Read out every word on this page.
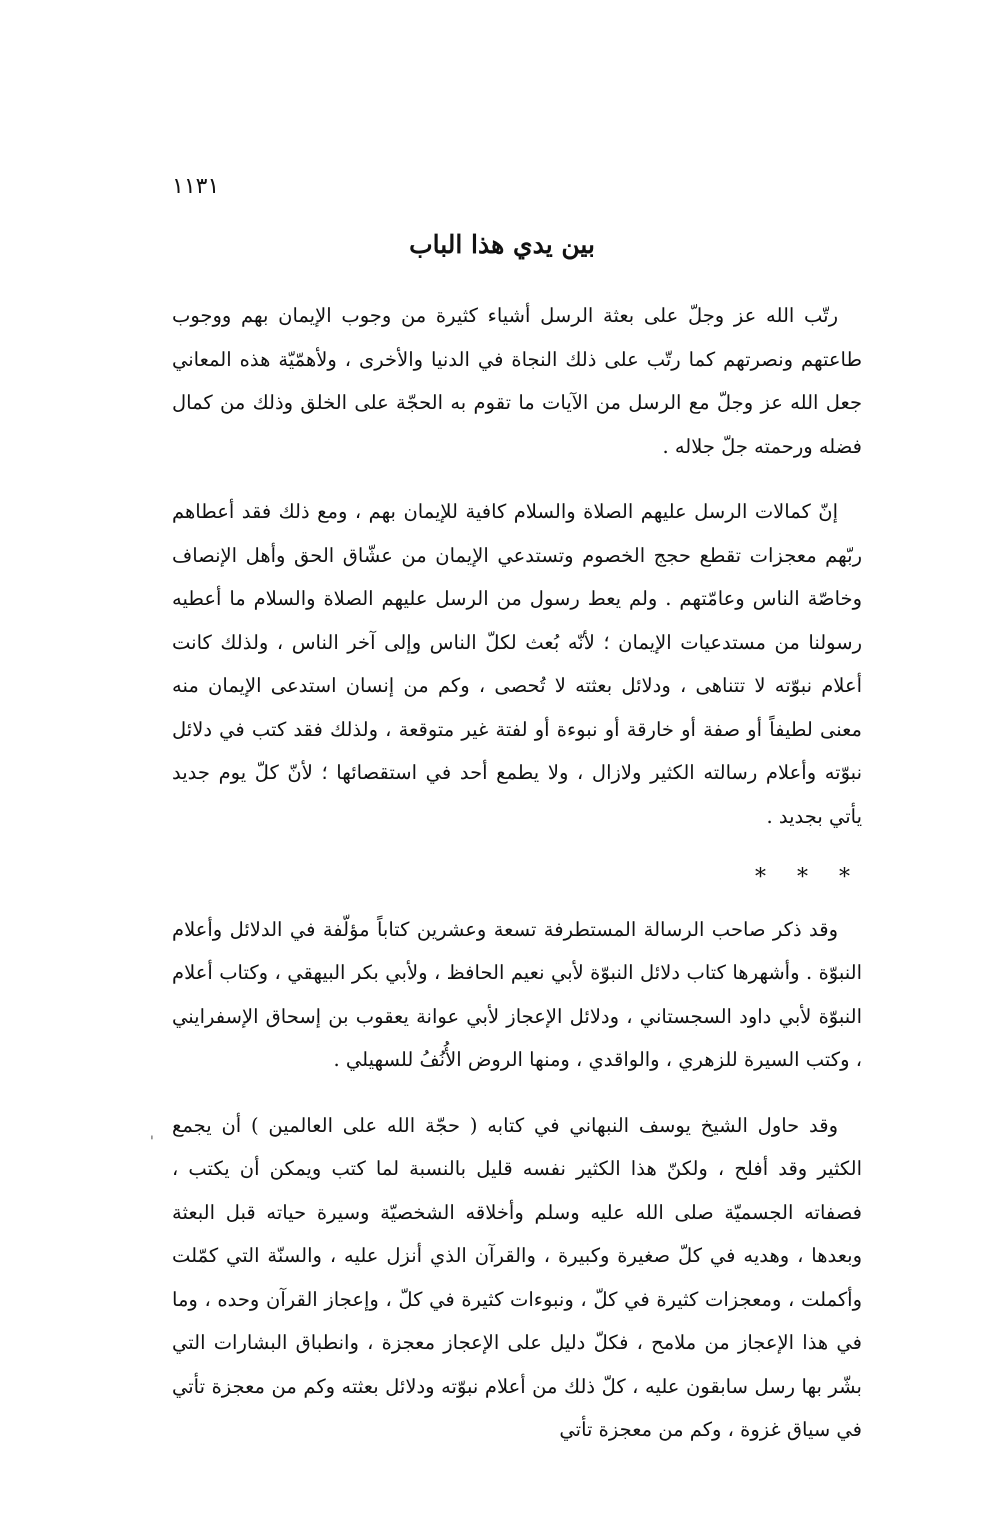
١١٣١
بين يدي هذا الباب
'

رتّب الله عز وجلّ على بعثة الرسل أشياء كثيرة من وجوب الإيمان بهم ووجوب طاعتهم ونصرتهم كما رتّب على ذلك النجاة في الدنيا والأخرى ، ولأهمّيّة هذه المعاني جعل الله عز وجلّ مع الرسل من الآيات ما تقوم به الحجّة على الخلق وذلك من كمال فضله ورحمته جلّ جلاله .

إنّ كمالات الرسل عليهم الصلاة والسلام كافية للإيمان بهم ، ومع ذلك فقد أعطاهم ربّهم معجزات تقطع حجج الخصوم وتستدعي الإيمان من عشّاق الحق وأهل الإنصاف وخاصّة الناس وعامّتهم . ولم يعط رسول من الرسل عليهم الصلاة والسلام ما أعطيه رسولنا من مستدعيات الإيمان ؛ لأنّه بُعث لكلّ الناس وإلى آخر الناس ، ولذلك كانت أعلام نبوّته لا تتناهى ، ودلائل بعثته لا تُحصى ، وكم من إنسان استدعى الإيمان منه معنى لطيفاً أو صفة أو خارقة أو نبوءة أو لفتة غير متوقعة ، ولذلك فقد كتب في دلائل نبوّته وأعلام رسالته الكثير ولازال ، ولا يطمع أحد في استقصائها ؛ لأنّ كلّ يوم جديد يأتي بجديد .

* * *

وقد ذكر صاحب الرسالة المستطرفة تسعة وعشرين كتاباً مؤلّفة في الدلائل وأعلام النبوّة . وأشهرها كتاب دلائل النبوّة لأبي نعيم الحافظ ، ولأبي بكر البيهقي ، وكتاب أعلام النبوّة لأبي داود السجستاني ، ودلائل الإعجاز لأبي عوانة يعقوب بن إسحاق الإسفرايني ، وكتب السيرة للزهري ، والواقدي ، ومنها الروض الأُنُفُ للسهيلي .

وقد حاول الشيخ يوسف النبهاني في كتابه ( حجّة الله على العالمين ) أن يجمع الكثير وقد أفلح ، ولكنّ هذا الكثير نفسه قليل بالنسبة لما كتب ويمكن أن يكتب ، فصفاته الجسميّة صلى الله عليه وسلم وأخلاقه الشخصيّة وسيرة حياته قبل البعثة وبعدها ، وهديه في كلّ صغيرة وكبيرة ، والقرآن الذي أنزل عليه ، والسنّة التي كمّلت وأكملت ، ومعجزات كثيرة في كلّ ، ونبوءات كثيرة في كلّ ، وإعجاز القرآن وحده ، وما في هذا الإعجاز من ملامح ، فكلّ دليل على الإعجاز معجزة ، وانطباق البشارات التي بشّر بها رسل سابقون عليه ، كلّ ذلك من أعلام نبوّته ودلائل بعثته وكم من معجزة تأتي في سياق غزوة ، وكم من معجزة تأتي
